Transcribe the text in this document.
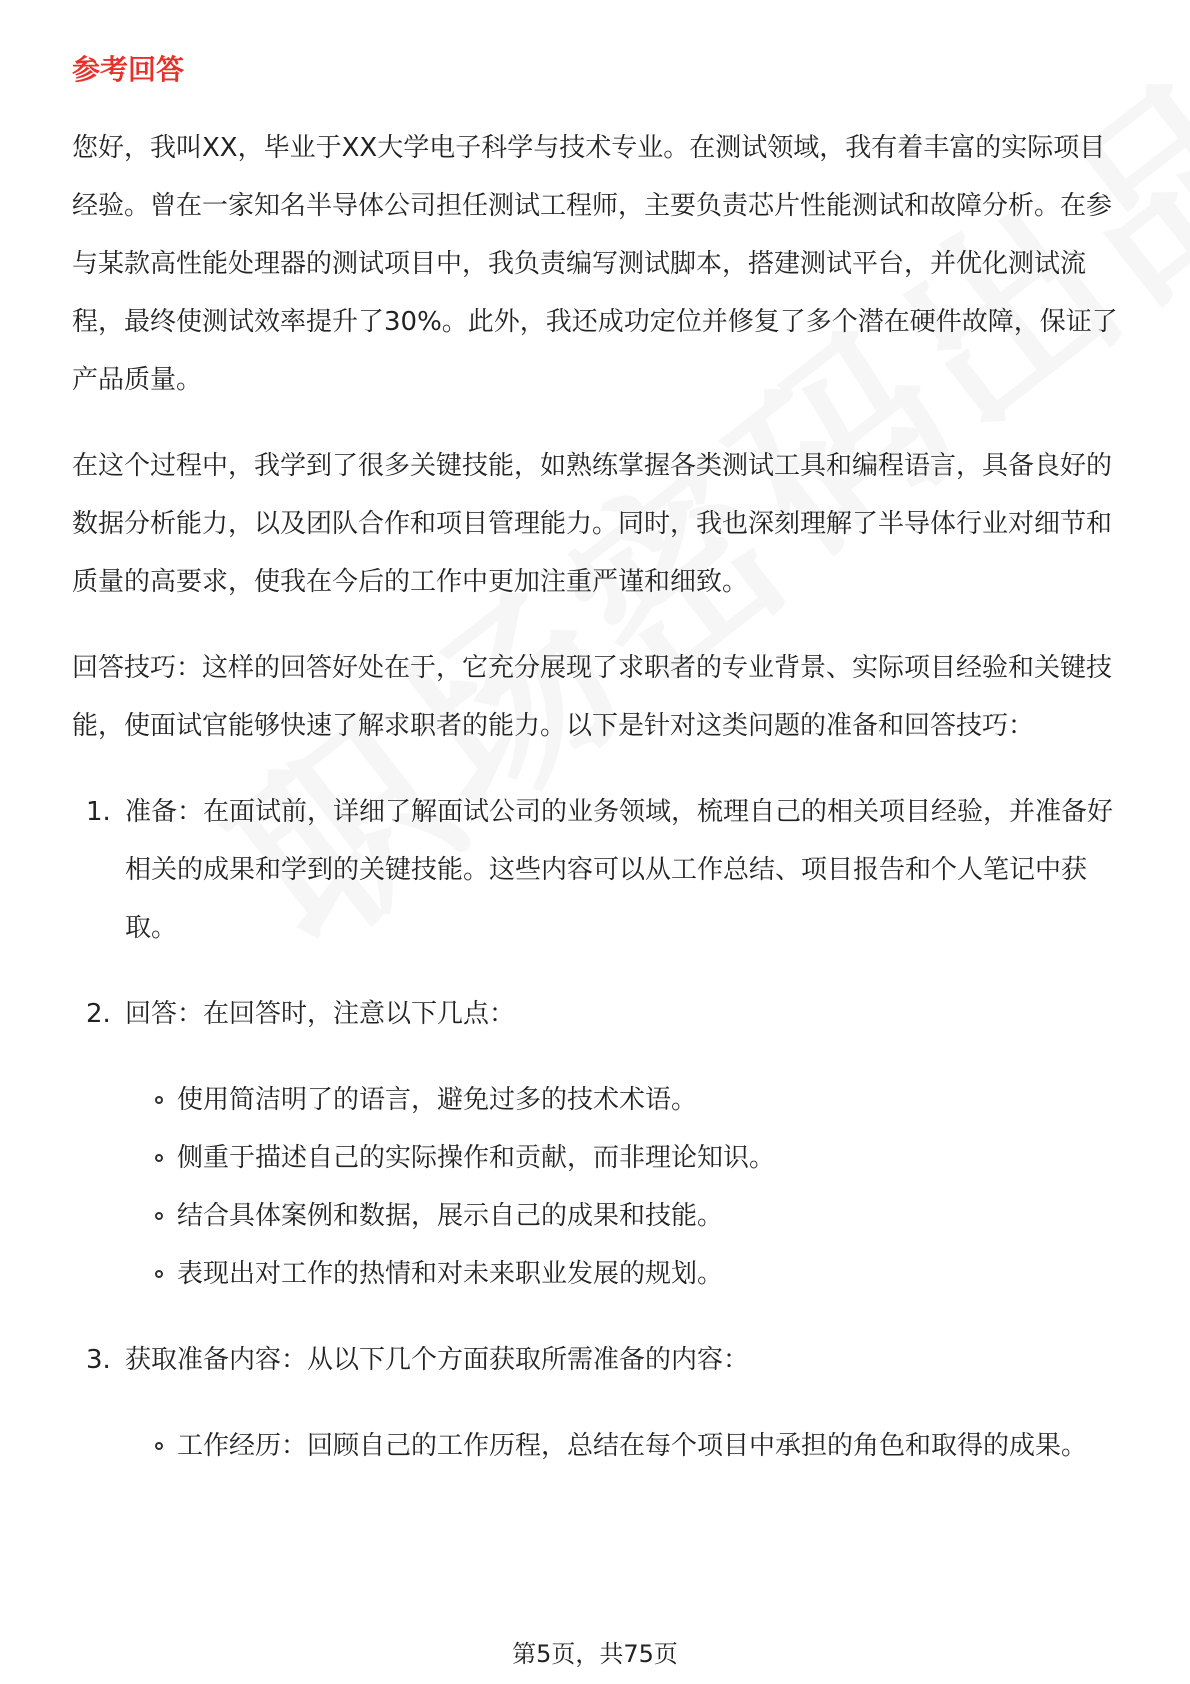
参考回答

您好，我叫XX，毕业于XX大学电子科学与技术专业。在测试领域，我有着丰富的实际项目经验。曾在一家知名半导体公司担任测试工程师，主要负责芯片性能测试和故障分析。在参与某款高性能处理器的测试项目中，我负责编写测试脚本，搭建测试平台，并优化测试流程，最终使测试效率提升了30%。此外，我还成功定位并修复了多个潜在硬件故障，保证了产品质量。

在这个过程中，我学到了很多关键技能，如熟练掌握各类测试工具和编程语言，具备良好的数据分析能力，以及团队合作和项目管理能力。同时，我也深刻理解了半导体行业对细节和质量的高要求，使我在今后的工作中更加注重严谨和细致。

回答技巧：这样的回答好处在于，它充分展现了求职者的专业背景、实际项目经验和关键技能，使面试官能够快速了解求职者的能力。以下是针对这类问题的准备和回答技巧：

1. 准备：在面试前，详细了解面试公司的业务领域，梳理自己的相关项目经验，并准备好相关的成果和学到的关键技能。这些内容可以从工作总结、项目报告和个人笔记中获取。
2. 回答：在回答时，注意以下几点：
使用简洁明了的语言，避免过多的技术术语。
侧重于描述自己的实际操作和贡献，而非理论知识。
结合具体案例和数据，展示自己的成果和技能。
表现出对工作的热情和对未来职业发展的规划。
3. 获取准备内容：从以下几个方面获取所需准备的内容：
工作经历：回顾自己的工作历程，总结在每个项目中承担的角色和取得的成果。
第5页，共75页
